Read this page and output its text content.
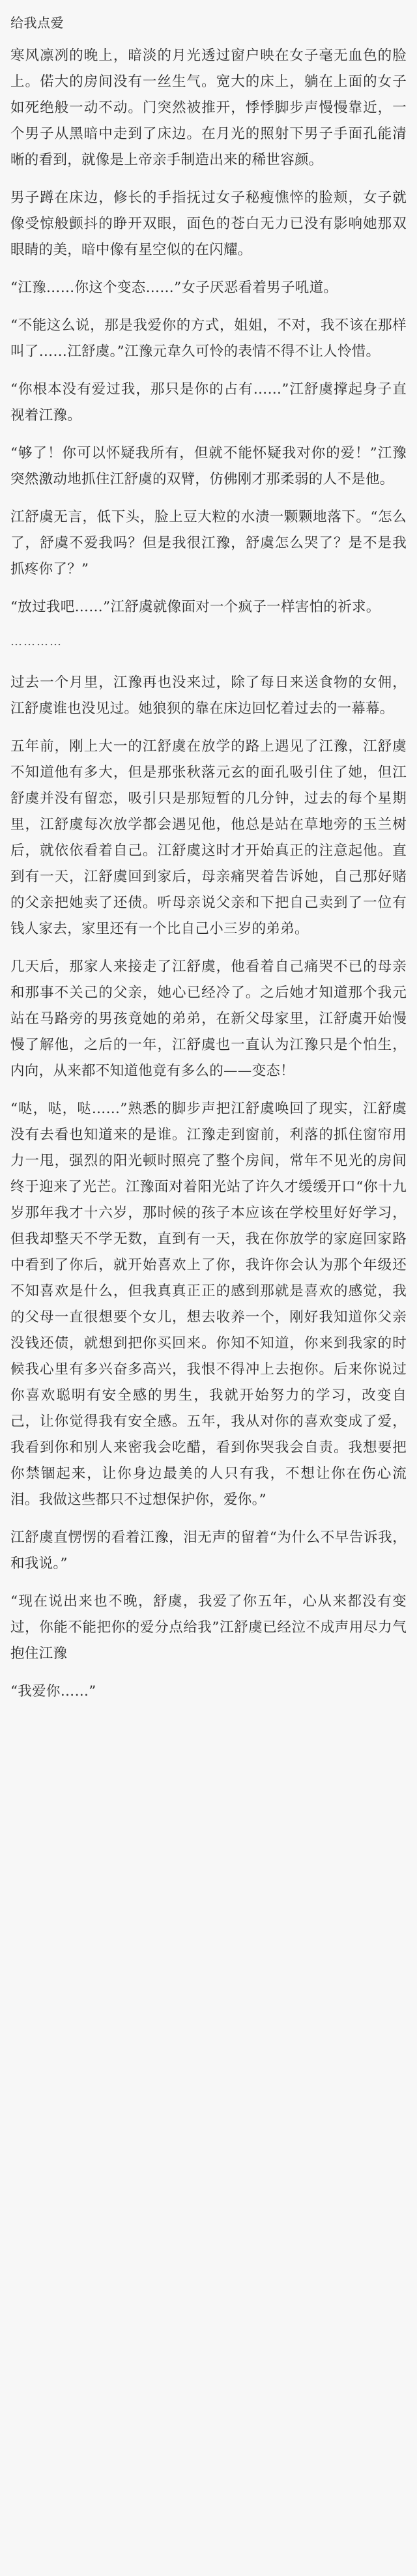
给我点爱
寒风凛冽的晚上，暗淡的月光透过窗户映在女子毫无血色的脸上。偌大的房间没有一丝生气。宽大的床上，躺在上面的女子如死绝般一动不动。门突然被推开，悸悸脚步声慢慢靠近，一个男子从黑暗中走到了床边。在月光的照射下男子手面孔能清晰的看到，就像是上帝亲手制造出来的稀世容颜。
男子蹲在床边，修长的手指抚过女子秘瘦憔悴的脸颊，女子就像受惊般颤抖的睁开双眼，面色的苍白无力已没有影响她那双眼睛的美，暗中像有星空似的在闪耀。
“江豫……你这个变态……”女子厌恶看着男子吼道。
“不能这么说，那是我爱你的方式，姐姐，不对，我不该在那样叫了……江舒虞。”江豫元韋久可怜的表情不得不让人怜惜。
“你根本没有爱过我，那只是你的占有……”江舒虞撑起身子直视着江豫。
“够了！你可以怀疑我所有，但就不能怀疑我对你的爱！”江豫突然激动地抓住江舒虞的双臂，仿佛刚才那柔弱的人不是他。
江舒虞无言，低下头，脸上豆大粒的水渍一颗颗地落下。“怎么了，舒虞不爱我吗？但是我很江豫，舒虞怎么哭了？是不是我抓疼你了？”
“放过我吧……”江舒虞就像面对一个疯子一样害怕的祈求。
…………
过去一个月里，江豫再也没来过，除了每日来送食物的女佣，江舒虞谁也没见过。她狼狈的靠在床边回忆着过去的一幕幕。
五年前，刚上大一的江舒虞在放学的路上遇见了江豫，江舒虞不知道他有多大，但是那张秋落元玄的面孔吸引住了她，但江舒虞并没有留恋，吸引只是那短暂的几分钟，过去的每个星期里，江舒虞每次放学都会遇见他，他总是站在草地旁的玉兰树后，就依依看着自己。江舒虞这时才开始真正的注意起他。直到有一天，江舒虞回到家后，母亲痛哭着告诉她，自己那好赌的父亲把她卖了还债。听母亲说父亲和下把自己卖到了一位有钱人家去，家里还有一个比自己小三岁的弟弟。
几天后，那家人来接走了江舒虞，他看着自己痛哭不已的母亲和那事不关己的父亲，她心已经冷了。之后她才知道那个我元站在马路旁的男孩竟她的弟弟，在新父母家里，江舒虞开始慢慢了解他，之后的一年，江舒虞也一直认为江豫只是个怕生，内向，从来都不知道他竟有多么的——变态！
“哒，哒，哒……”熟悉的脚步声把江舒虞唤回了现实，江舒虞没有去看也知道来的是谁。江豫走到窗前，利落的抓住窗帘用力一甩，强烈的阳光顿时照亮了整个房间，常年不见光的房间终于迎来了光芒。江豫面对着阳光站了许久才缓缓开口“你十九岁那年我才十六岁，那时候的孩子本应该在学校里好好学习，但我却整天不学无数，直到有一天，我在你放学的家庭回家路中看到了你后，就开始喜欢上了你，我许你会认为那个年级还不知喜欢是什么，但我真真正正的感到那就是喜欢的感觉，我的父母一直很想要个女儿，想去收养一个，刚好我知道你父亲没钱还债，就想到把你买回来。你知不知道，你来到我家的时候我心里有多兴奋多高兴，我恨不得冲上去抱你。后来你说过你喜欢聪明有安全感的男生，我就开始努力的学习，改变自己，让你觉得我有安全感。五年，我从对你的喜欢变成了爱，我看到你和别人来密我会吃醋，看到你哭我会自责。我想要把你禁锢起来，让你身边最美的人只有我，不想让你在伤心流泪。我做这些都只不过想保护你，爱你。”
江舒虞直愣愣的看着江豫，泪无声的留着“为什么不早告诉我，和我说。”
“现在说出来也不晚，舒虞，我爱了你五年，心从来都没有变过，你能不能把你的爱分点给我”江舒虞已经泣不成声用尽力气抱住江豫
“我爱你……”
